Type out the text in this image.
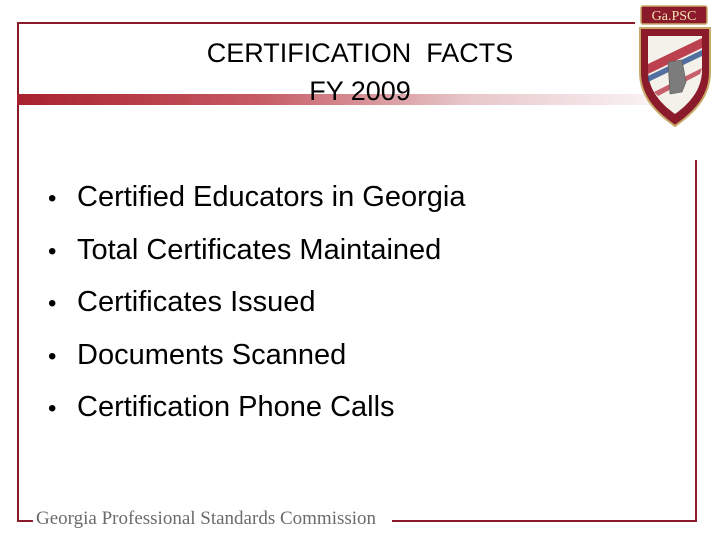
CERTIFICATION  FACTS
FY 2009
• Certified Educators in Georgia
• Total Certificates Maintained
• Certificates Issued
• Documents Scanned
• Certification Phone Calls
Georgia Professional Standards Commission
Ga.PSC
